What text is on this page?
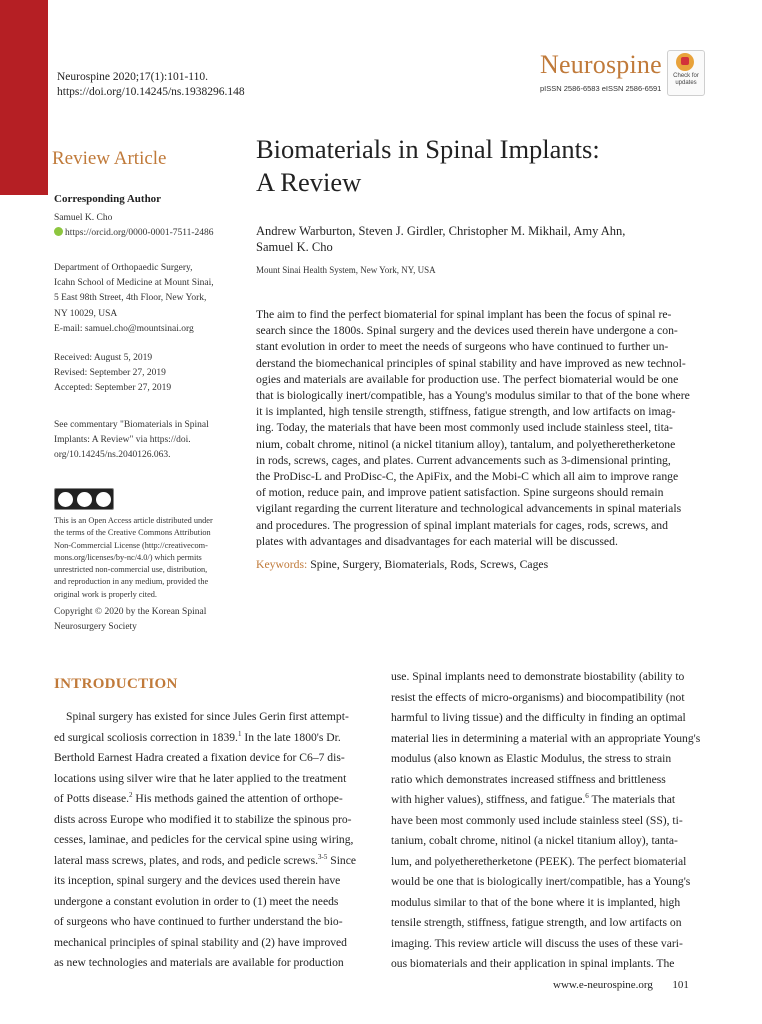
Neurospine 2020;17(1):101-110.
https://doi.org/10.14245/ns.1938296.148
Neurospine
pISSN 2586-6583 eISSN 2586-6591
Check for updates
Review Article	Biomaterials in Spinal Implants:
A Review
Andrew Warburton, Steven J. Girdler, Christopher M. Mikhail, Amy Ahn,
Samuel K. Cho
Mount Sinai Health System, New York, NY, USA
Corresponding Author
Samuel K. Cho
https://orcid.org/0000-0001-7511-2486
Department of Orthopaedic Surgery,
Icahn School of Medicine at Mount Sinai,
5 East 98th Street, 4th Floor, New York,
NY 10029, USA
E-mail: samuel.cho@mountsinai.org
Received: August 5, 2019
Revised: September 27, 2019
Accepted: September 27, 2019
See commentary "Biomaterials in Spinal
Implants: A Review" via https://doi.
org/10.14245/ns.2040126.063.
This is an Open Access article distributed under
the terms of the Creative Commons Attribution
Non-Commercial License (http://creativecom-
mons.org/licenses/by-nc/4.0/) which permits
unrestricted non-commercial use, distribution,
and reproduction in any medium, provided the
original work is properly cited.
Copyright © 2020 by the Korean Spinal
Neurosurgery Society
The aim to find the perfect biomaterial for spinal implant has been the focus of spinal re-
search since the 1800s. Spinal surgery and the devices used therein have undergone a con-
stant evolution in order to meet the needs of surgeons who have continued to further un-
derstand the biomechanical principles of spinal stability and have improved as new technol-
ogies and materials are available for production use. The perfect biomaterial would be one
that is biologically inert/compatible, has a Young's modulus similar to that of the bone where
it is implanted, high tensile strength, stiffness, fatigue strength, and low artifacts on imag-
ing. Today, the materials that have been most commonly used include stainless steel, tita-
nium, cobalt chrome, nitinol (a nickel titanium alloy), tantalum, and polyetheretherketone
in rods, screws, cages, and plates. Current advancements such as 3-dimensional printing,
the ProDisc-L and ProDisc-C, the ApiFix, and the Mobi-C which all aim to improve range
of motion, reduce pain, and improve patient satisfaction. Spine surgeons should remain
vigilant regarding the current literature and technological advancements in spinal materials
and procedures. The progression of spinal implant materials for cages, rods, screws, and
plates with advantages and disadvantages for each material will be discussed.
Keywords: Spine, Surgery, Biomaterials, Rods, Screws, Cages
INTRODUCTION
Spinal surgery has existed for since Jules Gerin first attempt-
ed surgical scoliosis correction in 1839.$^1$ In the late 1800's Dr.
Berthold Earnest Hadra created a fixation device for C6–7 dis-
locations using silver wire that he later applied to the treatment
of Potts disease.$^2$ His methods gained the attention of orthope-
dists across Europe who modified it to stabilize the spinous pro-
cesses, laminae, and pedicles for the cervical spine using wiring,
lateral mass screws, plates, and rods, and pedicle screws.$^{3-5}$ Since
its inception, spinal surgery and the devices used therein have
undergone a constant evolution in order to (1) meet the needs
of surgeons who have continued to further understand the bio-
mechanical principles of spinal stability and (2) have improved
as new technologies and materials are available for production
use. Spinal implants need to demonstrate biostability (ability to
resist the effects of micro-organisms) and biocompatibility (not
harmful to living tissue) and the difficulty in finding an optimal
material lies in determining a material with an appropriate Young's
modulus (also known as Elastic Modulus, the stress to strain
ratio which demonstrates increased stiffness and brittleness
with higher values), stiffness, and fatigue.$^6$ The materials that
have been most commonly used include stainless steel (SS), ti-
tanium, cobalt chrome, nitinol (a nickel titanium alloy), tanta-
lum, and polyetheretherketone (PEEK). The perfect biomaterial
would be one that is biologically inert/compatible, has a Young's
modulus similar to that of the bone where it is implanted, high
tensile strength, stiffness, fatigue strength, and low artifacts on
imaging. This review article will discuss the uses of these vari-
ous biomaterials and their application in spinal implants. The
www.e-neurospine.org 101
